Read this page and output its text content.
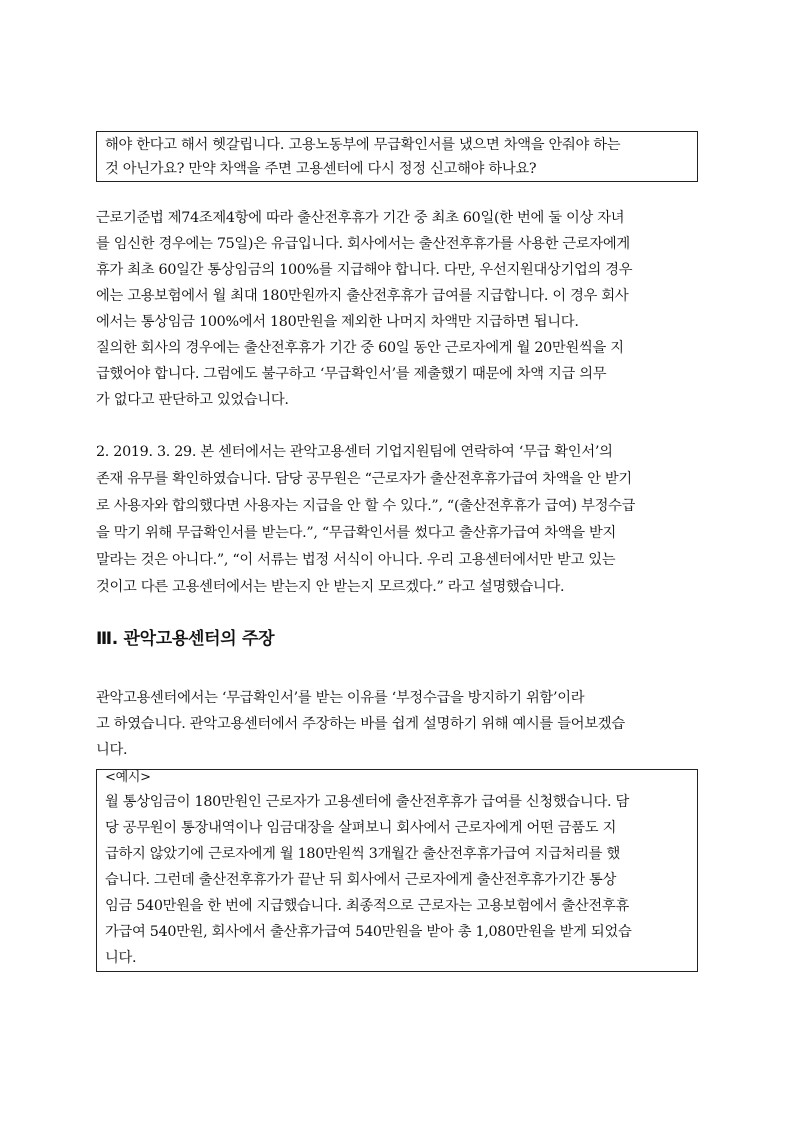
해야 한다고 해서 헷갈립니다. 고용노동부에 무급확인서를 냈으면 차액을 안줘야 하는
것 아닌가요? 만약 차액을 주면 고용센터에 다시 정정 신고해야 하나요?
근로기준법 제74조제4항에 따라 출산전후휴가 기간 중 최초 60일(한 번에 둘 이상 자녀
를 임신한 경우에는 75일)은 유급입니다. 회사에서는 출산전후휴가를 사용한 근로자에게
휴가 최초 60일간 통상임금의 100%를 지급해야 합니다. 다만, 우선지원대상기업의 경우
에는 고용보험에서 월 최대 180만원까지 출산전후휴가 급여를 지급합니다. 이 경우 회사
에서는 통상임금 100%에서 180만원을 제외한 나머지 차액만 지급하면 됩니다.
질의한 회사의 경우에는 출산전후휴가 기간 중 60일 동안 근로자에게 월 20만원씩을 지
급했어야 합니다. 그럼에도 불구하고 ‘무급확인서’를 제출했기 때문에 차액 지급 의무
가 없다고 판단하고 있었습니다.
2. 2019. 3. 29. 본 센터에서는 관악고용센터 기업지원팀에 연락하여 ‘무급 확인서’의
존재 유무를 확인하였습니다. 담당 공무원은 “근로자가 출산전후휴가급여 차액을 안 받기
로 사용자와 합의했다면 사용자는 지급을 안 할 수 있다.”, “(출산전후휴가 급여) 부정수급
을 막기 위해 무급확인서를 받는다.”, “무급확인서를 썼다고 출산휴가급여 차액을 받지
말라는 것은 아니다.”, “이 서류는 법정 서식이 아니다. 우리 고용센터에서만 받고 있는
것이고 다른 고용센터에서는 받는지 안 받는지 모르겠다.” 라고 설명했습니다.
Ⅲ. 관악고용센터의 주장
관악고용센터에서는 ‘무급확인서’를 받는 이유를 ‘부정수급을 방지하기 위함’이라
고 하였습니다. 관악고용센터에서 주장하는 바를 쉽게 설명하기 위해 예시를 들어보겠습
니다.
<예시>
월 통상임금이 180만원인 근로자가 고용센터에 출산전후휴가 급여를 신청했습니다. 담
당 공무원이 통장내역이나 임금대장을 살펴보니 회사에서 근로자에게 어떤 금품도 지
급하지 않았기에 근로자에게 월 180만원씩 3개월간 출산전후휴가급여 지급처리를 했
습니다. 그런데 출산전후휴가가 끝난 뒤 회사에서 근로자에게 출산전후휴가기간 통상
임금 540만원을 한 번에 지급했습니다. 최종적으로 근로자는 고용보험에서 출산전후휴
가급여 540만원, 회사에서 출산휴가급여 540만원을 받아 총 1,080만원을 받게 되었습
니다.
